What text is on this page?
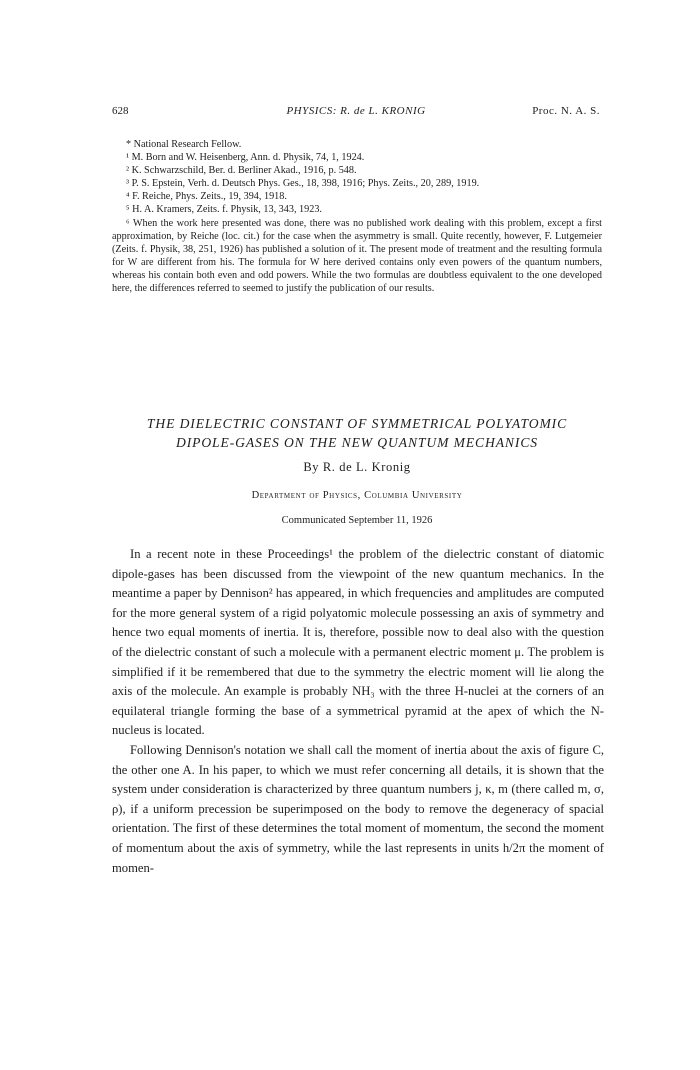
628	PHYSICS: R. de L. KRONIG	Proc. N. A. S.

* National Research Fellow.

¹ M. Born and W. Heisenberg, Ann. d. Physik, 74, 1, 1924.

² K. Schwarzschild, Ber. d. Berliner Akad., 1916, p. 548.

³ P. S. Epstein, Verh. d. Deutsch Phys. Ges., 18, 398, 1916; Phys. Zeits., 20, 289, 1919.

⁴ F. Reiche, Phys. Zeits., 19, 394, 1918.

⁵ H. A. Kramers, Zeits. f. Physik, 13, 343, 1923.

⁶ When the work here presented was done, there was no published work dealing with this problem, except a first approximation, by Reiche (loc. cit.) for the case when the asymmetry is small. Quite recently, however, F. Lutgemeier (Zeits. f. Physik, 38, 251, 1926) has published a solution of it. The present mode of treatment and the resulting formula for W are different from his. The formula for W here derived contains only even powers of the quantum numbers, whereas his contain both even and odd powers. While the two formulas are doubtless equivalent to the one developed here, the differences referred to seemed to justify the publication of our results.

THE DIELECTRIC CONSTANT OF SYMMETRICAL POLYATOMIC
DIPOLE-GASES ON THE NEW QUANTUM MECHANICS
By R. de L. Kronig
Department of Physics, Columbia University
Communicated September 11, 1926

In a recent note in these Proceedings¹ the problem of the dielectric constant of diatomic dipole-gases has been discussed from the viewpoint of the new quantum mechanics. In the meantime a paper by Dennison² has appeared, in which frequencies and amplitudes are computed for the more general system of a rigid polyatomic molecule possessing an axis of symmetry and hence two equal moments of inertia. It is, therefore, possible now to deal also with the question of the dielectric constant of such a molecule with a permanent electric moment μ. The problem is simplified if it be remembered that due to the symmetry the electric moment will lie along the axis of the molecule. An example is probably NH₃ with the three H-nuclei at the corners of an equilateral triangle forming the base of a symmetrical pyramid at the apex of which the N-nucleus is located.

Following Dennison's notation we shall call the moment of inertia about the axis of figure C, the other one A. In his paper, to which we must refer concerning all details, it is shown that the system under consideration is characterized by three quantum numbers j, κ, m (there called m, σ, ρ), if a uniform precession be superimposed on the body to remove the degeneracy of spacial orientation. The first of these determines the total moment of momentum, the second the moment of momentum about the axis of symmetry, while the last represents in units h/2π the moment of momen-
